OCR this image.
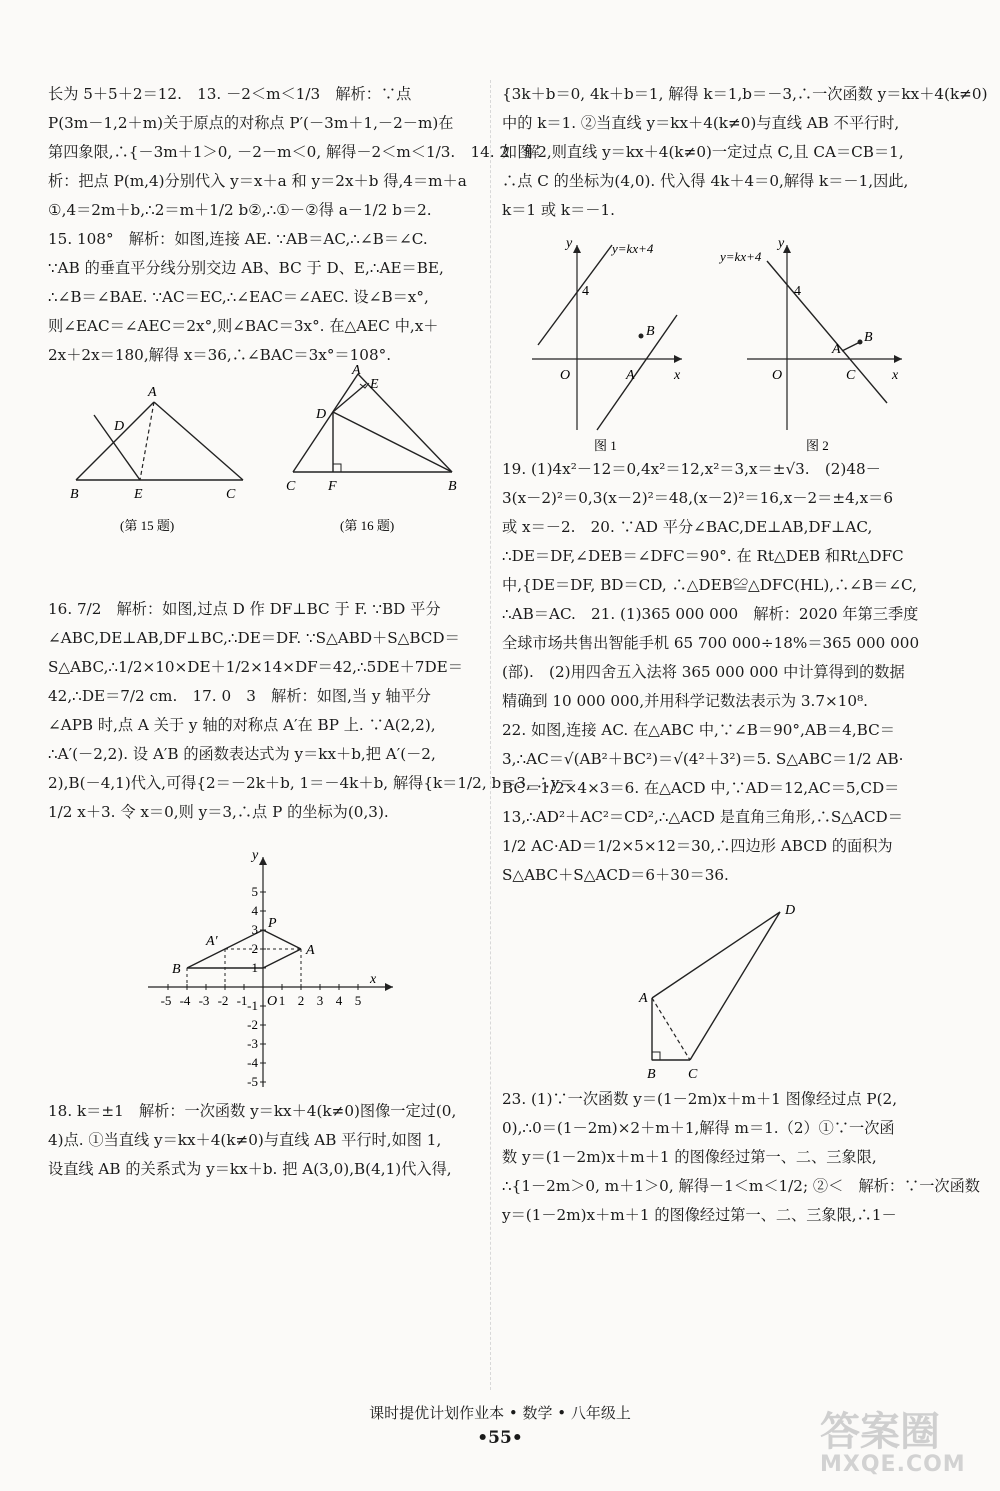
长为 5＋5＋2＝12.　13. －2＜m＜1/3　解析：∵点
P(3m－1,2＋m)关于原点的对称点 P′(－3m＋1,－2－m)在
第四象限,∴{－3m＋1＞0, －2－m＜0, 解得－2＜m＜1/3.　14. 2　解
析：把点 P(m,4)分别代入 y＝x＋a 和 y＝2x＋b 得,4＝m＋a
①,4＝2m＋b,∴2＝m＋1/2 b②,∴①－②得 a－1/2 b＝2.
15. 108°　解析：如图,连接 AE. ∵AB＝AC,∴∠B＝∠C.
∵AB 的垂直平分线分别交边 AB、BC 于 D、E,∴AE＝BE,
∴∠B＝∠BAE. ∵AC＝EC,∴∠EAC＝∠AEC. 设∠B＝x°,
则∠EAC＝∠AEC＝2x°,则∠BAC＝3x°. 在△AEC 中,x＋
2x＋2x＝180,解得 x＝36,∴∠BAC＝3x°＝108°.
A
D
B	E	C
(第 15 题)
A
E
D
C F	B
(第 16 题)
16. 7/2　解析：如图,过点 D 作 DF⊥BC 于 F. ∵BD 平分
∠ABC,DE⊥AB,DF⊥BC,∴DE＝DF. ∵S△ABD＋S△BCD＝
S△ABC,∴1/2×10×DE＋1/2×14×DF＝42,∴5DE＋7DE＝
42,∴DE＝7/2 cm.　17. 0　3　解析：如图,当 y 轴平分
∠APB 时,点 A 关于 y 轴的对称点 A′在 BP 上. ∵A(2,2),
∴A′(－2,2). 设 A′B 的函数表达式为 y＝kx＋b,把 A′(－2,
2),B(－4,1)代入,可得{2＝－2k＋b, 1＝－4k＋b, 解得{k＝1/2, b＝3, ∴y＝
1/2 x＋3. 令 x＝0,则 y＝3,∴点 P 的坐标为(0,3).
y
x
O
P
A
A′
B
5
4
3
2
1
-1
-2
-3
-4
-5
-5 -4 -3 -2 -1 1 2 3 4 5
18. k＝±1　解析：一次函数 y＝kx＋4(k≠0)图像一定过(0,
4)点. ①当直线 y＝kx＋4(k≠0)与直线 AB 平行时,如图 1,
设直线 AB 的关系式为 y＝kx＋b. 把 A(3,0),B(4,1)代入得,
{3k＋b＝0, 4k＋b＝1, 解得 k＝1,b＝－3,∴一次函数 y＝kx＋4(k≠0)
中的 k＝1. ②当直线 y＝kx＋4(k≠0)与直线 AB 不平行时,
如图 2,则直线 y＝kx＋4(k≠0)一定过点 C,且 CA＝CB＝1,
∴点 C 的坐标为(4,0). 代入得 4k＋4＝0,解得 k＝－1,因此,
k＝1 或 k＝－1.
y	y=kx+4
4
B
O	A	x
图 1
y
y=kx+4
4
B
A
C
O	x
图 2
19. (1)4x²－12＝0,4x²＝12,x²＝3,x＝±√3.　(2)48－
3(x－2)²＝0,3(x－2)²＝48,(x－2)²＝16,x－2＝±4,x＝6
或 x＝－2.　20. ∵AD 平分∠BAC,DE⊥AB,DF⊥AC,
∴DE＝DF,∠DEB＝∠DFC＝90°. 在 Rt△DEB 和Rt△DFC
中,{DE＝DF, BD＝CD, ∴△DEB≌△DFC(HL),∴∠B＝∠C,
∴AB＝AC.　21. (1)365 000 000　解析：2020 年第三季度
全球市场共售出智能手机 65 700 000÷18%＝365 000 000
(部).　(2)用四舍五入法将 365 000 000 中计算得到的数据
精确到 10 000 000,并用科学记数法表示为 3.7×10⁸.
22. 如图,连接 AC. 在△ABC 中,∵∠B＝90°,AB＝4,BC＝
3,∴AC＝√(AB²＋BC²)＝√(4²＋3²)＝5. S△ABC＝1/2 AB·
BC＝1/2×4×3＝6. 在△ACD 中,∵AD＝12,AC＝5,CD＝
13,∴AD²＋AC²＝CD²,∴△ACD 是直角三角形,∴S△ACD＝
1/2 AC·AD＝1/2×5×12＝30,∴四边形 ABCD 的面积为
S△ABC＋S△ACD＝6＋30＝36.
D
A
B C
23. (1)∵一次函数 y＝(1－2m)x＋m＋1 图像经过点 P(2,
0),∴0＝(1－2m)×2＋m＋1,解得 m＝1.（2）①∵一次函
数 y＝(1－2m)x＋m＋1 的图像经过第一、二、三象限,
∴{1－2m＞0, m＋1＞0, 解得－1＜m＜1/2; ②＜　解析：∵一次函数
y＝(1－2m)x＋m＋1 的图像经过第一、二、三象限,∴1－
课时提优计划作业本 • 数学 • 八年级上
•55•	答案圈
MXQE.COM
